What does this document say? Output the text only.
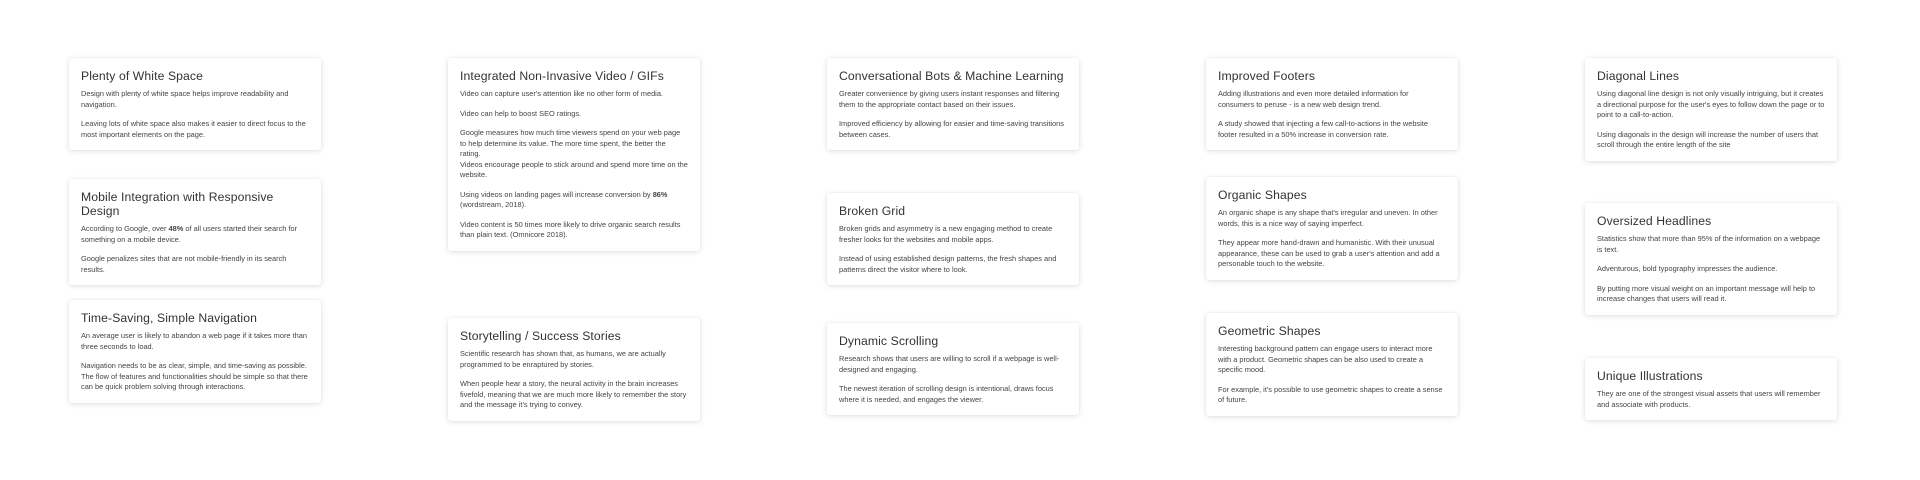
Plenty of White Space

Design with plenty of white space helps improve readability and navigation.

Leaving lots of white space also makes it easier to direct focus to the most important elements on the page.

Mobile Integration with Responsive Design

According to Google, over 48% of all users started their search for something on a mobile device.

Google penalizes sites that are not mobile-friendly in its search results.

Time-Saving, Simple Navigation

An average user is likely to abandon a web page if it takes more than three seconds to load.

Navigation needs to be as clear, simple, and time-saving as possible. The flow of features and functionalities should be simple so that there can be quick problem solving through interactions.

Integrated Non-Invasive Video / GIFs

Video can capture user's attention like no other form of media.

Video can help to boost SEO ratings.

Google measures how much time viewers spend on your web page to help determine its value. The more time spent, the better the rating.

Videos encourage people to stick around and spend more time on the website.

Using videos on landing pages will increase conversion by 86% (wordstream, 2018).

Video content is 50 times more likely to drive organic search results than plain text. (Omnicore 2018).

Storytelling / Success Stories

Scientific research has shown that, as humans, we are actually programmed to be enraptured by stories.

When people hear a story, the neural activity in the brain increases fivefold, meaning that we are much more likely to remember the story and the message it's trying to convey.

Conversational Bots & Machine Learning

Greater convenience by giving users instant responses and filtering them to the appropriate contact based on their issues.

Improved efficiency by allowing for easier and time-saving transitions between cases.

Broken Grid

Broken grids and asymmetry is a new engaging method to create fresher looks for the websites and mobile apps.

Instead of using established design patterns, the fresh shapes and patterns direct the visitor where to look.

Dynamic Scrolling

Research shows that users are willing to scroll if a webpage is well-designed and engaging.

The newest iteration of scrolling design is intentional, draws focus where it is needed, and engages the viewer.

Improved Footers

Adding illustrations and even more detailed information for consumers to peruse - is a new web design trend.

A study showed that injecting a few call-to-actions in the website footer resulted in a 50% increase in conversion rate.

Organic Shapes

An organic shape is any shape that's irregular and uneven. In other words, this is a nice way of saying imperfect.

They appear more hand-drawn and humanistic. With their unusual appearance, these can be used to grab a user's attention and add a personable touch to the website.

Geometric Shapes

Interesting background pattern can engage users to interact more with a product. Geometric shapes can be also used to create a specific mood.

For example, it's possible to use geometric shapes to create a sense of future.

Diagonal Lines

Using diagonal line design is not only visually intriguing, but it creates a directional purpose for the user's eyes to follow down the page or to point to a call-to-action.

Using diagonals in the design will increase the number of users that scroll through the entire length of the site

Oversized Headlines

Statistics show that more than 95% of the information on a webpage is text.

Adventurous, bold typography impresses the audience.

By putting more visual weight on an important message will help to increase changes that users will read it.

Unique Illustrations

They are one of the strongest visual assets that users will remember and associate with products.
